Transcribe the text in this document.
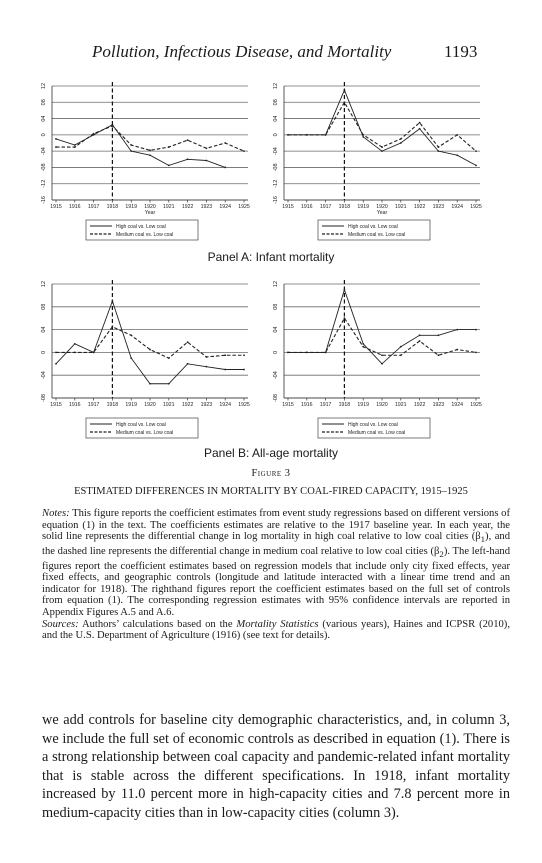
Pollution, Infectious Disease, and Mortality	1193
-16
-12
-08
-04
0
04
08
12
1915 1916 1917 1918 1919 1920 1921 1922 1923 1924 1925
Year
High coal vs. Low coal
Medium coal vs. Low coal
-16
-12
-08
-04
0
04
08
12
1915 1916 1917 1918 1919 1920 1921 1922 1923 1924 1925
Year
High coal vs. Low coal
Medium coal vs. Low coal
Panel A: Infant mortality
-08
-04
0
04
08
12
1915 1916 1917 1918 1919 1920 1921 1922 1923 1924 1925
High coal vs. Low coal
Medium coal vs. Low coal
-08
-04
0
04
08
12
1915 1916 1917 1918 1919 1920 1921 1922 1923 1924 1925
High coal vs. Low coal
Medium coal vs. Low coal
Panel B: All-age mortality
Figure 3
ESTIMATED DIFFERENCES IN MORTALITY BY COAL-FIRED CAPACITY, 1915–1925

Notes: This figure reports the coefficient estimates from event study regressions based on different versions of equation (1) in the text. The coefficients estimates are relative to the 1917 baseline year. In each year, the solid line represents the differential change in log mortality in high coal relative to low coal cities $(\beta_1)$, and the dashed line represents the differential change in medium coal relative to low coal cities $(\beta_2)$. The left-hand figures report the coefficient estimates based on regression models that include only city fixed effects, year fixed effects, and geographic controls (longitude and latitude interacted with a linear time trend and an indicator for 1918). The righthand figures report the coefficient estimates based on the full set of controls from equation (1). The corresponding regression estimates with 95% confidence intervals are reported in Appendix Figures A.5 and A.6.

Sources: Authors’ calculations based on the Mortality Statistics (various years), Haines and ICPSR (2010), and the U.S. Department of Agriculture (1916) (see text for details).

we add controls for baseline city demographic characteristics, and, in column 3, we include the full set of economic controls as described in equation (1). There is a strong relationship between coal capacity and pandemic-related infant mortality that is stable across the different specifications. In 1918, infant mortality increased by 11.0 percent more in high-capacity cities and 7.8 percent more in medium-capacity cities than in low-capacity cities (column 3).
